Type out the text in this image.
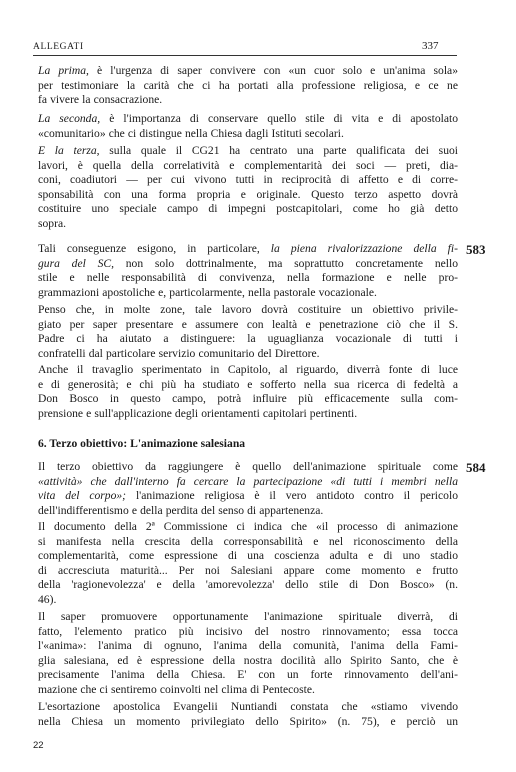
ALLEGATI	337
La prima, è l'urgenza di saper convivere con «un cuor solo e un'anima sola»
per testimoniare la carità che ci ha portati alla professione religiosa, e ce ne
fa vivere la consacrazione.
La seconda, è l'importanza di conservare quello stile di vita e di apostolato
«comunitario» che ci distingue nella Chiesa dagli Istituti secolari.
E la terza, sulla quale il CG21 ha centrato una parte qualificata dei suoi
lavori, è quella della correlatività e complementarità dei soci — preti, dia-
coni, coadiutori — per cui vivono tutti in reciprocità di affetto e di corre-
sponsabilità con una forma propria e originale. Questo terzo aspetto dovrà
costituire uno speciale campo di impegni postcapitolari, come ho già detto
sopra.
583
Tali conseguenze esigono, in particolare, la piena rivalorizzazione della fi-
gura del SC, non solo dottrinalmente, ma soprattutto concretamente nello
stile e nelle responsabilità di convivenza, nella formazione e nelle pro-
grammazioni apostoliche e, particolarmente, nella pastorale vocazionale.
Penso che, in molte zone, tale lavoro dovrà costituire un obiettivo privile-
giato per saper presentare e assumere con lealtà e penetrazione ciò che il S.
Padre ci ha aiutato a distinguere: la uguaglianza vocazionale di tutti i
confratelli dal particolare servizio comunitario del Direttore.
Anche il travaglio sperimentato in Capitolo, al riguardo, diverrà fonte di luce
e di generosità; e chi più ha studiato e sofferto nella sua ricerca di fedeltà a
Don Bosco in questo campo, potrà influire più efficacemente sulla com-
prensione e sull'applicazione degli orientamenti capitolari pertinenti.
6. Terzo obiettivo: L'animazione salesiana
584
Il terzo obiettivo da raggiungere è quello dell'animazione spirituale come
«attività» che dall'interno fa cercare la partecipazione «di tutti i membri nella
vita del corpo»; l'animazione religiosa è il vero antidoto contro il pericolo
dell'indifferentismo e della perdita del senso di appartenenza.
Il documento della 2ª Commissione ci indica che «il processo di animazione
si manifesta nella crescita della corresponsabilità e nel riconoscimento della
complementarità, come espressione di una coscienza adulta e di uno stadio
di accresciuta maturità... Per noi Salesiani appare come momento e frutto
della 'ragionevolezza' e della 'amorevolezza' dello stile di Don Bosco» (n.
46).
Il saper promuovere opportunamente l'animazione spirituale diverrà, di
fatto, l'elemento pratico più incisivo del nostro rinnovamento; essa tocca
l'«anima»: l'anima di ognuno, l'anima della comunità, l'anima della Fami-
glia salesiana, ed è espressione della nostra docilità allo Spirito Santo, che è
precisamente l'anima della Chiesa. E' con un forte rinnovamento dell'ani-
mazione che ci sentiremo coinvolti nel clima di Pentecoste.
L'esortazione apostolica Evangelii Nuntiandi constata che «stiamo vivendo
nella Chiesa un momento privilegiato dello Spirito» (n. 75), e perciò un
22
